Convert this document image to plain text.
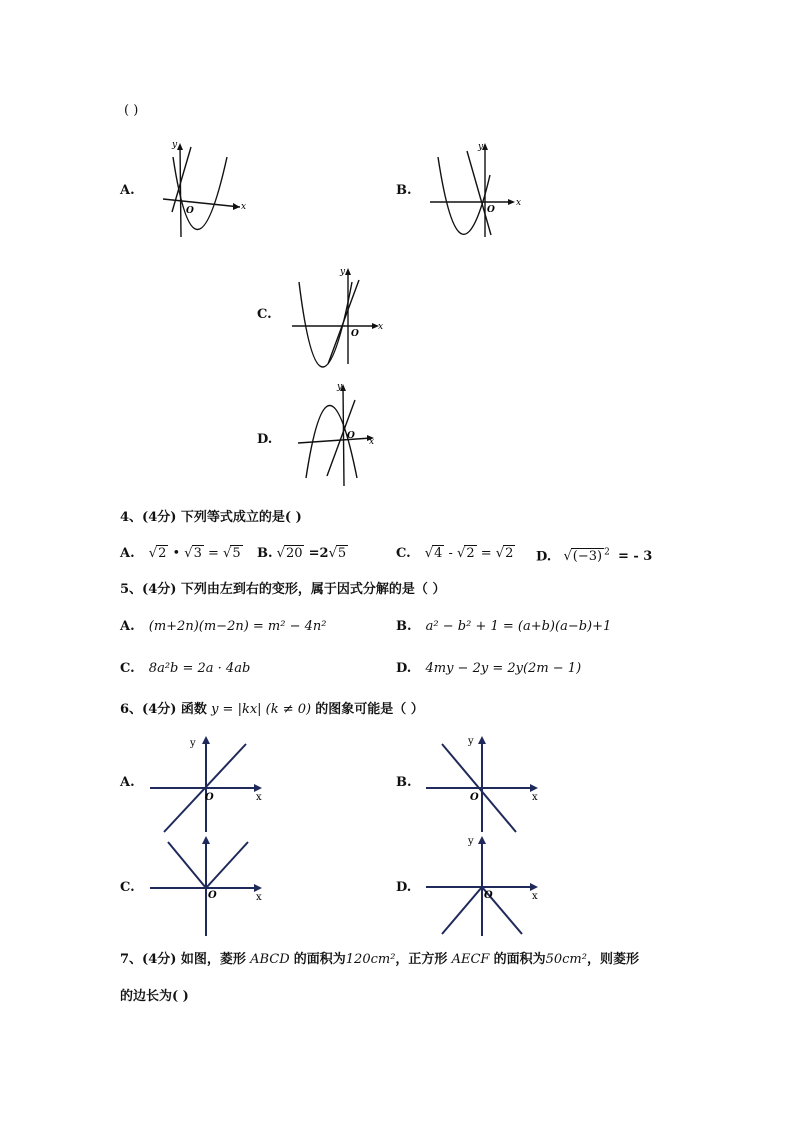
( )
A.
x
y
O
B.
x
y
O
C.
x
y
O
D.	x
y
O
4、(4分) 下列等式成立的是( )
A. √2 • √3 = √5 B. √20 =2√5	C. √4 - √2 = √2 D. √(−3) $^2$ = - 3
5、(4分) 下列由左到右的变形，属于因式分解的是（ ）
A. (m+2n)(m−2n) = m² − 4n²	B. a² − b² + 1 = (a+b)(a−b)+1
C. 8a²b = 2a · 4ab	D. 4my − 2y = 2y(2m − 1)
6、(4分) 函数 y = |kx| (k ≠ 0) 的图象可能是（ ）
A.
x
y
O
B.
x
y
O
C.
x
O
D.
x
y
O
7、(4分) 如图，菱形 ABCD 的面积为120cm²，正方形 AECF 的面积为50cm²，则菱形
的边长为( )
